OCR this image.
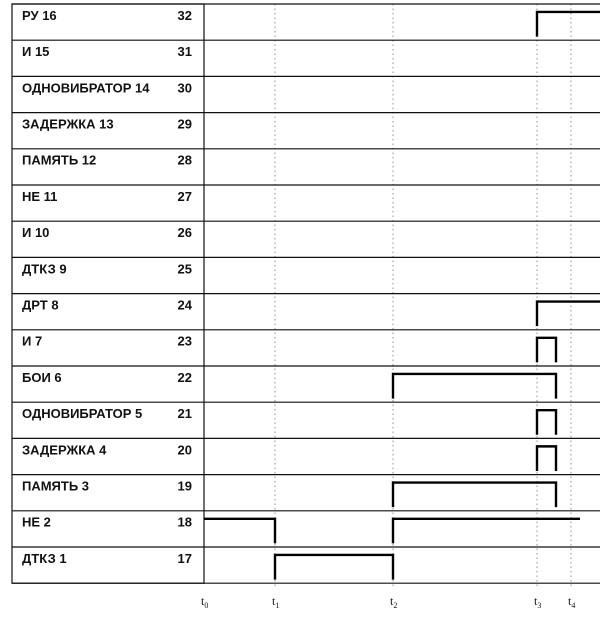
РУ 16	32
И 15	31
ОДНОВИБРАТОР 14 30
ЗАДЕРЖКА 13	29
ПАМЯТЬ 12	28
НЕ 11	27
И 10	26
ДТКЗ 9	25
ДРТ 8	24
И 7	23
БОИ 6	22
ОДНОВИБРАТОР 5	21
ЗАДЕРЖКА 4	20
ПАМЯТЬ 3	19
НЕ 2	18
ДТКЗ 1	17
$t_0$	$t_1$	$t_2$	$t_3$ $t_4$
